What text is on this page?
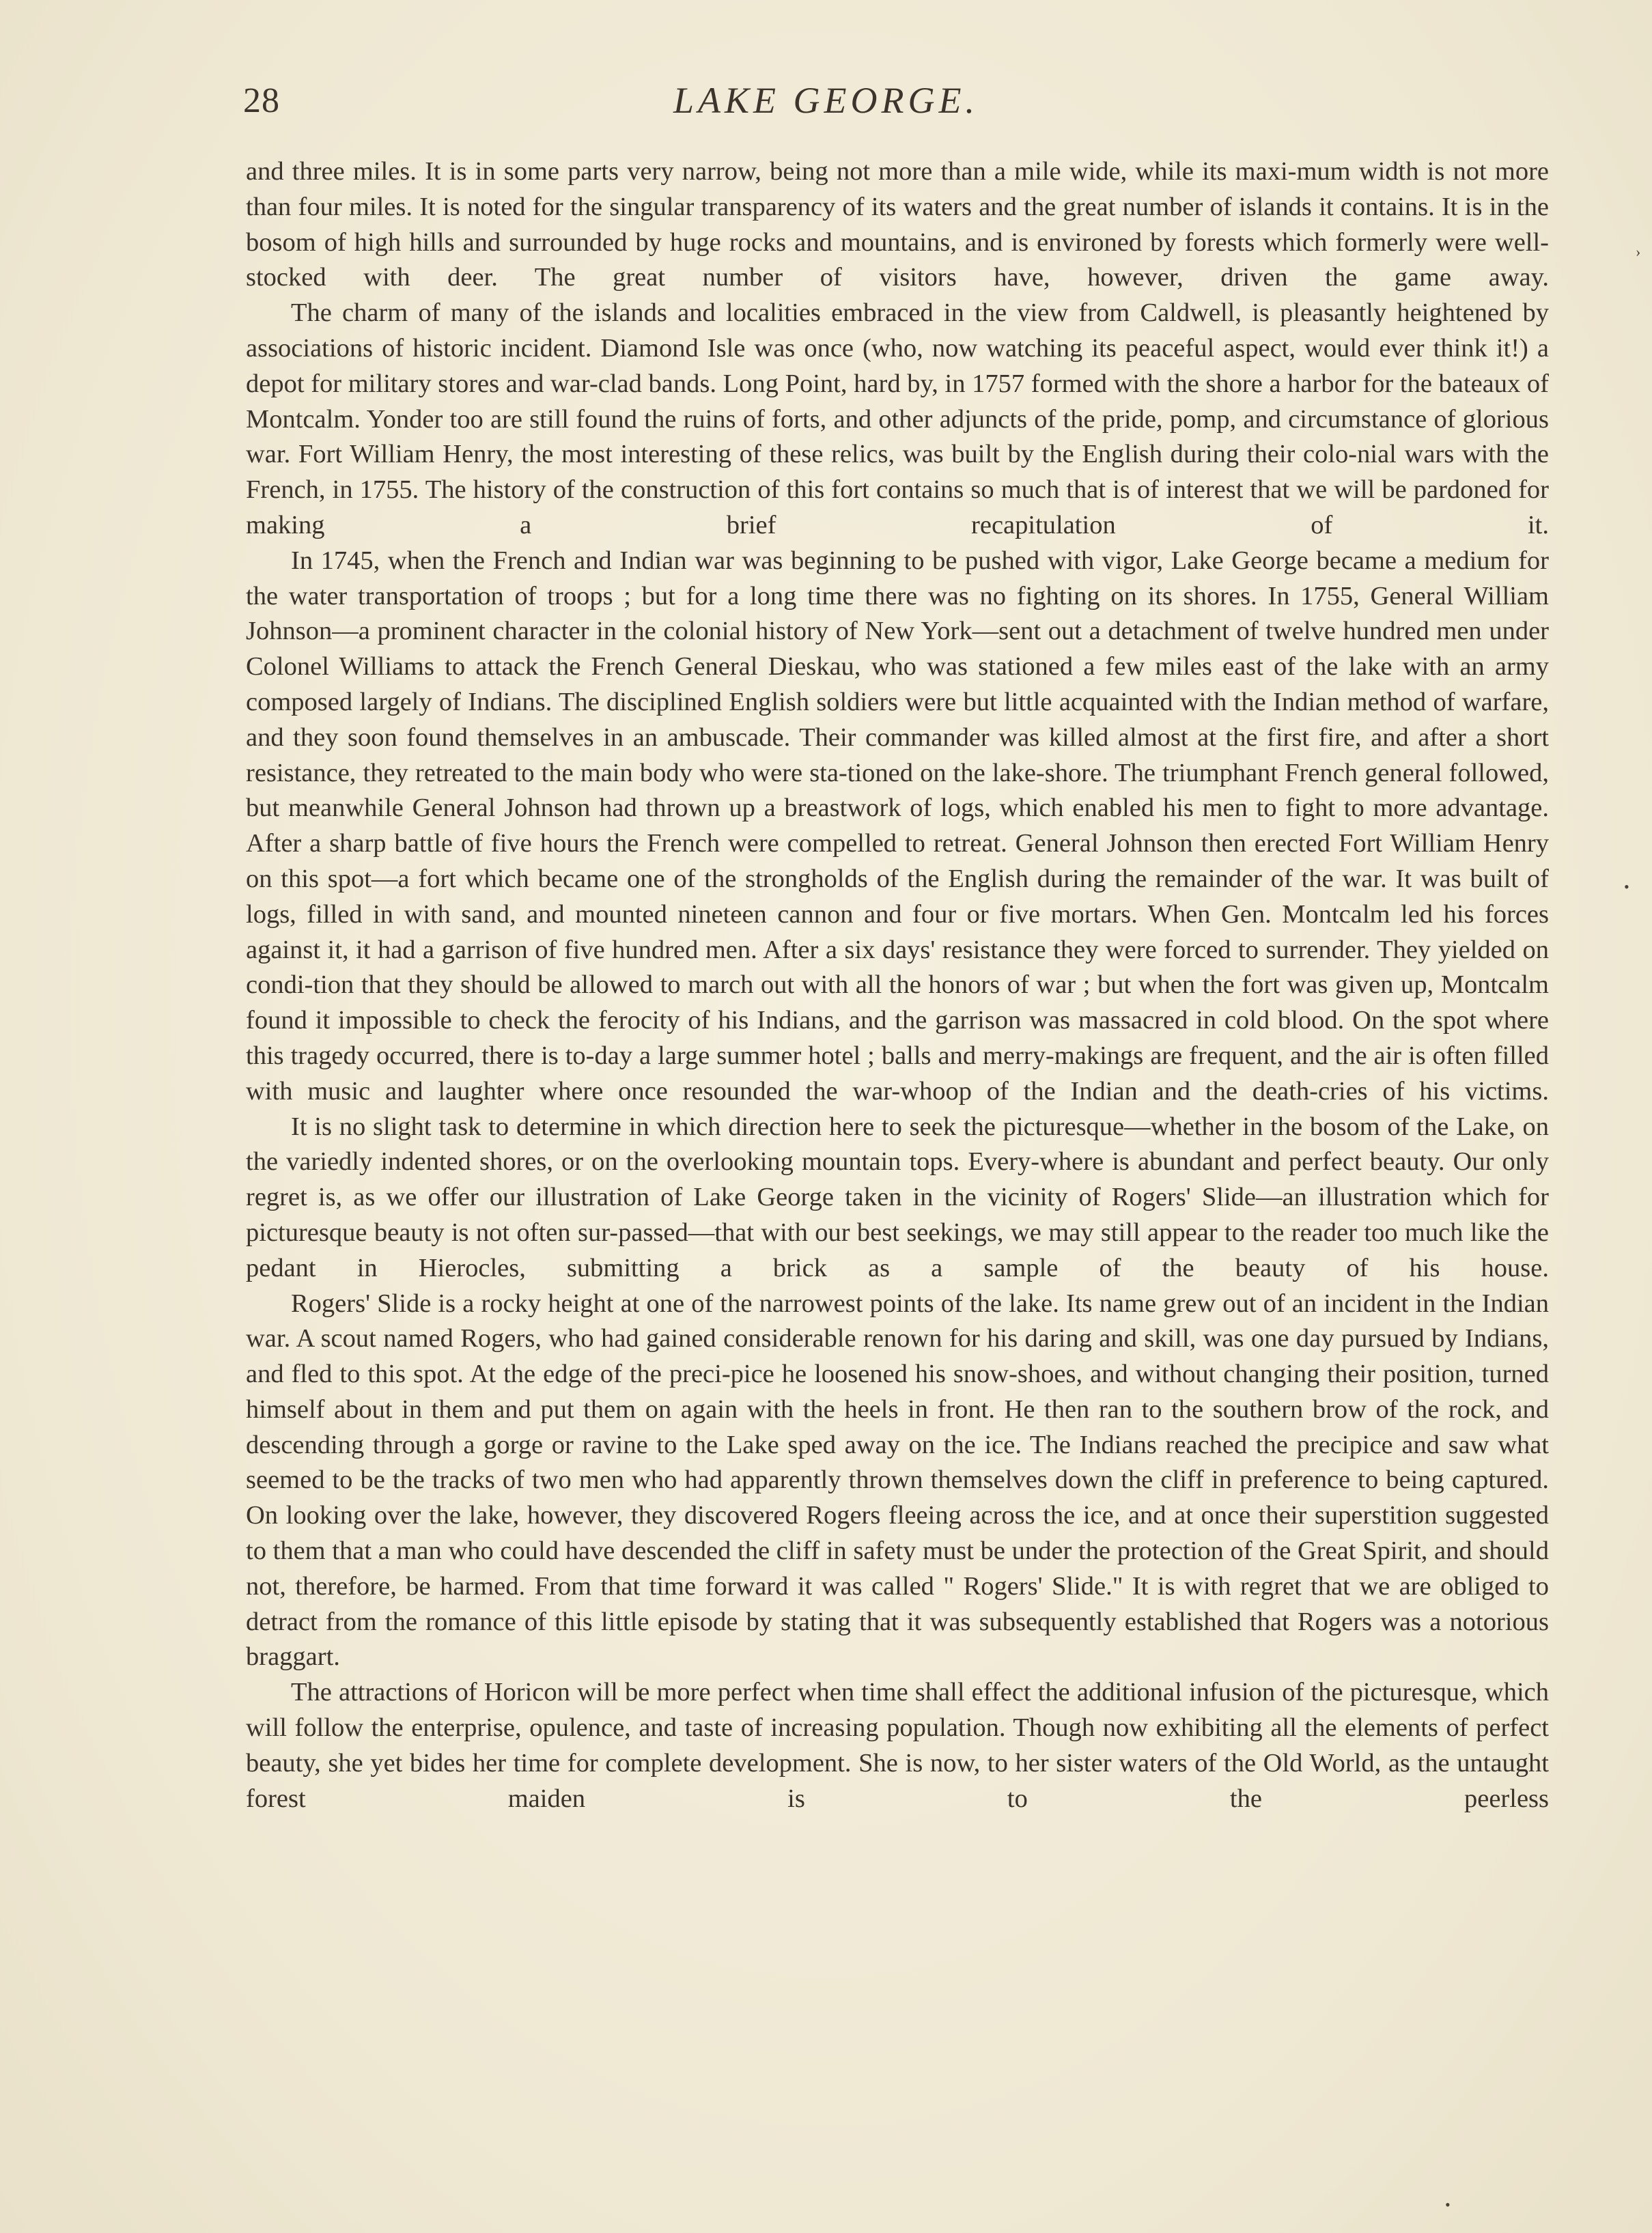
28	LAKE GEORGE.

and three miles. It is in some parts very narrow, being not more than a mile wide, while its maxi-mum width is not more than four miles. It is noted for the singular transparency of its waters and the great number of islands it contains. It is in the bosom of high hills and surrounded by huge rocks and mountains, and is environed by forests which formerly were well-stocked with deer. The great number of visitors have, however, driven the game away.

The charm of many of the islands and localities embraced in the view from Caldwell, is pleasantly heightened by associations of historic incident. Diamond Isle was once (who, now watching its peaceful aspect, would ever think it!) a depot for military stores and war-clad bands. Long Point, hard by, in 1757 formed with the shore a harbor for the bateaux of Montcalm. Yonder too are still found the ruins of forts, and other adjuncts of the pride, pomp, and circumstance of glorious war. Fort William Henry, the most interesting of these relics, was built by the English during their colo-nial wars with the French, in 1755. The history of the construction of this fort contains so much that is of interest that we will be pardoned for making a brief recapitulation of it.

In 1745, when the French and Indian war was beginning to be pushed with vigor, Lake George became a medium for the water transportation of troops ; but for a long time there was no fighting on its shores. In 1755, General William Johnson—a prominent character in the colonial history of New York—sent out a detachment of twelve hundred men under Colonel Williams to attack the French General Dieskau, who was stationed a few miles east of the lake with an army composed largely of Indians. The disciplined English soldiers were but little acquainted with the Indian method of warfare, and they soon found themselves in an ambuscade. Their commander was killed almost at the first fire, and after a short resistance, they retreated to the main body who were sta-tioned on the lake-shore. The triumphant French general followed, but meanwhile General Johnson had thrown up a breastwork of logs, which enabled his men to fight to more advantage. After a sharp battle of five hours the French were compelled to retreat. General Johnson then erected Fort William Henry on this spot—a fort which became one of the strongholds of the English during the remainder of the war. It was built of logs, filled in with sand, and mounted nineteen cannon and four or five mortars. When Gen. Montcalm led his forces against it, it had a garrison of five hundred men. After a six days' resistance they were forced to surrender. They yielded on condi-tion that they should be allowed to march out with all the honors of war ; but when the fort was given up, Montcalm found it impossible to check the ferocity of his Indians, and the garrison was massacred in cold blood. On the spot where this tragedy occurred, there is to-day a large summer hotel ; balls and merry-makings are frequent, and the air is often filled with music and laughter where once resounded the war-whoop of the Indian and the death-cries of his victims.

It is no slight task to determine in which direction here to seek the picturesque—whether in the bosom of the Lake, on the variedly indented shores, or on the overlooking mountain tops. Every-where is abundant and perfect beauty. Our only regret is, as we offer our illustration of Lake George taken in the vicinity of Rogers' Slide—an illustration which for picturesque beauty is not often sur-passed—that with our best seekings, we may still appear to the reader too much like the pedant in Hierocles, submitting a brick as a sample of the beauty of his house.

Rogers' Slide is a rocky height at one of the narrowest points of the lake. Its name grew out of an incident in the Indian war. A scout named Rogers, who had gained considerable renown for his daring and skill, was one day pursued by Indians, and fled to this spot. At the edge of the preci-pice he loosened his snow-shoes, and without changing their position, turned himself about in them and put them on again with the heels in front. He then ran to the southern brow of the rock, and descending through a gorge or ravine to the Lake sped away on the ice. The Indians reached the precipice and saw what seemed to be the tracks of two men who had apparently thrown themselves down the cliff in preference to being captured. On looking over the lake, however, they discovered Rogers fleeing across the ice, and at once their superstition suggested to them that a man who could have descended the cliff in safety must be under the protection of the Great Spirit, and should not, therefore, be harmed. From that time forward it was called " Rogers' Slide." It is with regret that we are obliged to detract from the romance of this little episode by stating that it was subsequently established that Rogers was a notorious braggart.

The attractions of Horicon will be more perfect when time shall effect the additional infusion of the picturesque, which will follow the enterprise, opulence, and taste of increasing population. Though now exhibiting all the elements of perfect beauty, she yet bides her time for complete development. She is now, to her sister waters of the Old World, as the untaught forest maiden is to the peerless

›
•
•
